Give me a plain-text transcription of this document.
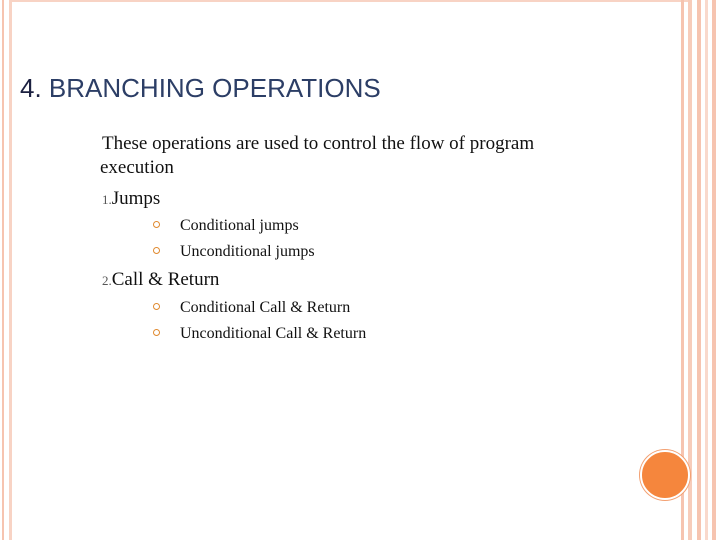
4. BRANCHING OPERATIONS
These operations are used to control the flow of program
execution
1.Jumps
Conditional jumps
Unconditional jumps
2.Call & Return
Conditional Call & Return
Unconditional Call & Return
